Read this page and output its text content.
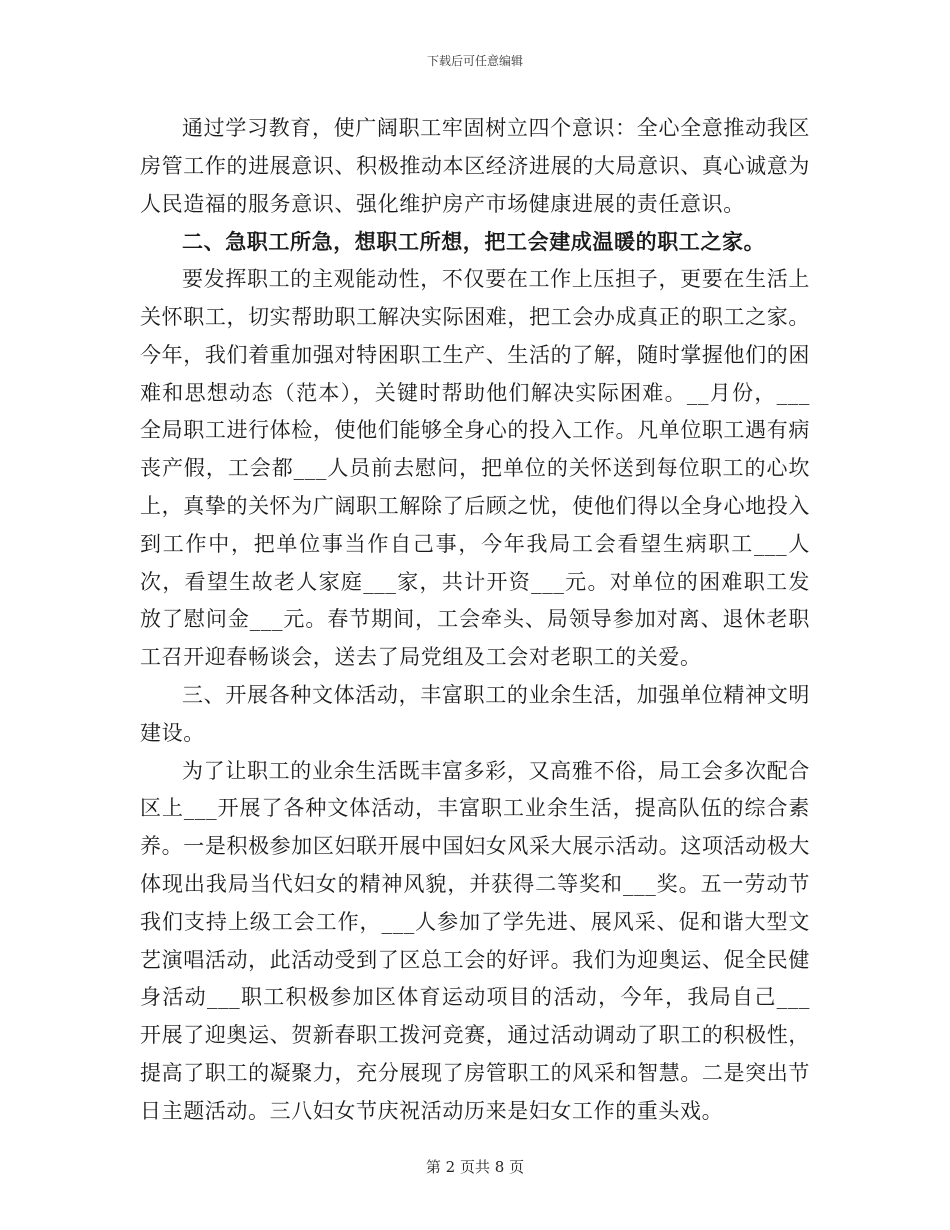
下载后可任意编辑

通过学习教育，使广阔职工牢固树立四个意识：全心全意推动我区房管工作的进展意识、积极推动本区经济进展的大局意识、真心诚意为人民造福的服务意识、强化维护房产市场健康进展的责任意识。

二、急职工所急，想职工所想，把工会建成温暖的职工之家。

要发挥职工的主观能动性，不仅要在工作上压担子，更要在生活上关怀职工，切实帮助职工解决实际困难，把工会办成真正的职工之家。今年，我们着重加强对特困职工生产、生活的了解，随时掌握他们的困难和思想动态（范本），关键时帮助他们解决实际困难。__月份，___全局职工进行体检，使他们能够全身心的投入工作。凡单位职工遇有病丧产假，工会都___人员前去慰问，把单位的关怀送到每位职工的心坎上，真挚的关怀为广阔职工解除了后顾之忧，使他们得以全身心地投入到工作中，把单位事当作自己事，今年我局工会看望生病职工___人次，看望生故老人家庭___家，共计开资___元。对单位的困难职工发放了慰问金___元。春节期间，工会牵头、局领导参加对离、退休老职工召开迎春畅谈会，送去了局党组及工会对老职工的关爱。

三、开展各种文体活动，丰富职工的业余生活，加强单位精神文明建设。

为了让职工的业余生活既丰富多彩，又高雅不俗，局工会多次配合区上___开展了各种文体活动，丰富职工业余生活，提高队伍的综合素养。一是积极参加区妇联开展中国妇女风采大展示活动。这项活动极大体现出我局当代妇女的精神风貌，并获得二等奖和___奖。五一劳动节我们支持上级工会工作，___人参加了学先进、展风采、促和谐大型文艺演唱活动，此活动受到了区总工会的好评。我们为迎奥运、促全民健身活动___职工积极参加区体育运动项目的活动，今年，我局自己___开展了迎奥运、贺新春职工拨河竞赛，通过活动调动了职工的积极性，提高了职工的凝聚力，充分展现了房管职工的风采和智慧。二是突出节日主题活动。三八妇女节庆祝活动历来是妇女工作的重头戏。

第 2 页共 8 页
